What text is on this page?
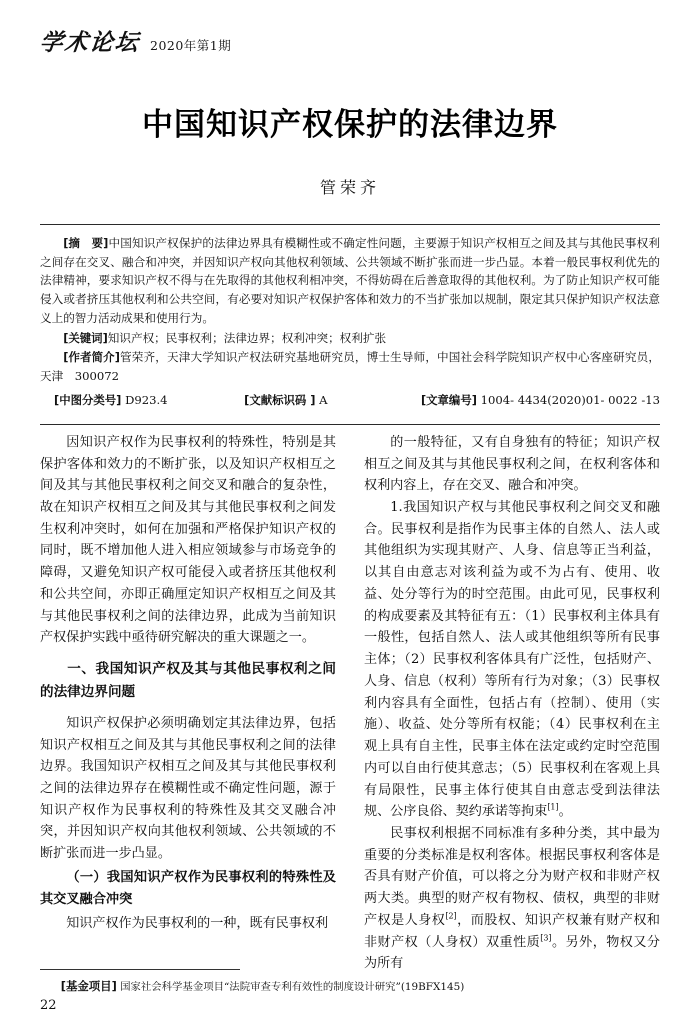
学术论坛 2020年第1期
中国知识产权保护的法律边界
管荣齐

[摘　要]中国知识产权保护的法律边界具有模糊性或不确定性问题，主要源于知识产权相互之间及其与其他民事权利之间存在交叉、融合和冲突，并因知识产权向其他权利领域、公共领域不断扩张而进一步凸显。本着一般民事权利优先的法律精神，要求知识产权不得与在先取得的其他权利相冲突，不得妨碍在后善意取得的其他权利。为了防止知识产权可能侵入或者挤压其他权利和公共空间，有必要对知识产权保护客体和效力的不当扩张加以规制，限定其只保护知识产权法意义上的智力活动成果和使用行为。

[关键词]知识产权；民事权利；法律边界；权利冲突；权利扩张

[作者简介]管荣齐，天津大学知识产权法研究基地研究员，博士生导师，中国社会科学院知识产权中心客座研究员，天津　300072

[中图分类号] D923.4	[文献标识码 ] A	[文章编号] 1004- 4434(2020)01- 0022 -13

因知识产权作为民事权利的特殊性，特别是其保护客体和效力的不断扩张，以及知识产权相互之间及其与其他民事权利之间交叉和融合的复杂性，故在知识产权相互之间及其与其他民事权利之间发生权利冲突时，如何在加强和严格保护知识产权的同时，既不增加他人进入相应领域参与市场竞争的障碍，又避免知识产权可能侵入或者挤压其他权利和公共空间，亦即正确厘定知识产权相互之间及其与其他民事权利之间的法律边界，此成为当前知识产权保护实践中亟待研究解决的重大课题之一。

一、我国知识产权及其与其他民事权利之间的法律边界问题

知识产权保护必须明确划定其法律边界，包括知识产权相互之间及其与其他民事权利之间的法律边界。我国知识产权相互之间及其与其他民事权利之间的法律边界存在模糊性或不确定性问题，源于知识产权作为民事权利的特殊性及其交叉融合冲突，并因知识产权向其他权利领域、公共领域的不断扩张而进一步凸显。

（一）我国知识产权作为民事权利的特殊性及其交叉融合冲突

知识产权作为民事权利的一种，既有民事权利

的一般特征，又有自身独有的特征；知识产权相互之间及其与其他民事权利之间，在权利客体和权利内容上，存在交叉、融合和冲突。

1.我国知识产权与其他民事权利之间交叉和融合。民事权利是指作为民事主体的自然人、法人或其他组织为实现其财产、人身、信息等正当利益，以其自由意志对该利益为或不为占有、使用、收益、处分等行为的时空范围。由此可见，民事权利的构成要素及其特征有五：（1）民事权利主体具有一般性，包括自然人、法人或其他组织等所有民事主体；（2）民事权利客体具有广泛性，包括财产、人身、信息（权利）等所有行为对象；（3）民事权利内容具有全面性，包括占有（控制）、使用（实施）、收益、处分等所有权能；（4）民事权利在主观上具有自主性，民事主体在法定或约定时空范围内可以自由行使其意志；（5）民事权利在客观上具有局限性，民事主体行使其自由意志受到法律法规、公序良俗、契约承诺等拘束[1]。

民事权利根据不同标准有多种分类，其中最为重要的分类标准是权利客体。根据民事权利客体是否具有财产价值，可以将之分为财产权和非财产权两大类。典型的财产权有物权、债权，典型的非财产权是人身权[2]，而股权、知识产权兼有财产权和非财产权（人身权）双重性质[3]。另外，物权又分为所有

[基金项目] 国家社会科学基金项目“法院审查专利有效性的制度设计研究”(19BFX145)
22
